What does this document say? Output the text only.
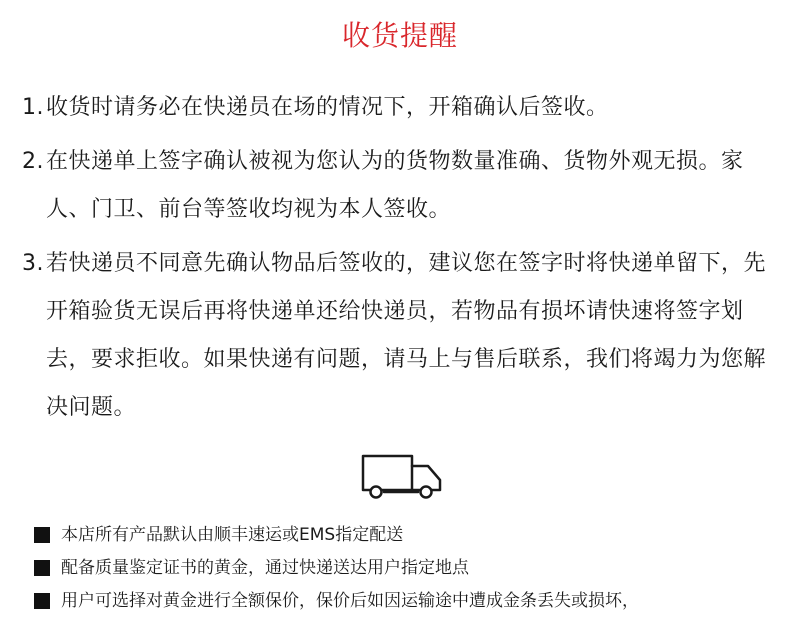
收货提醒
1. 收货时请务必在快递员在场的情况下，开箱确认后签收。
2. 在快递单上签字确认被视为您认为的货物数量准确、货物外观无损。家人、门卫、前台等签收均视为本人签收。
3. 若快递员不同意先确认物品后签收的，建议您在签字时将快递单留下，先开箱验货无误后再将快递单还给快递员，若物品有损坏请快速将签字划去，要求拒收。如果快递有问题，请马上与售后联系，我们将竭力为您解决问题。
本店所有产品默认由顺丰速运或EMS指定配送
配备质量鉴定证书的黄金，通过快递送达用户指定地点
用户可选择对黄金进行全额保价，保价后如因运输途中遭成金条丢失或损坏，
